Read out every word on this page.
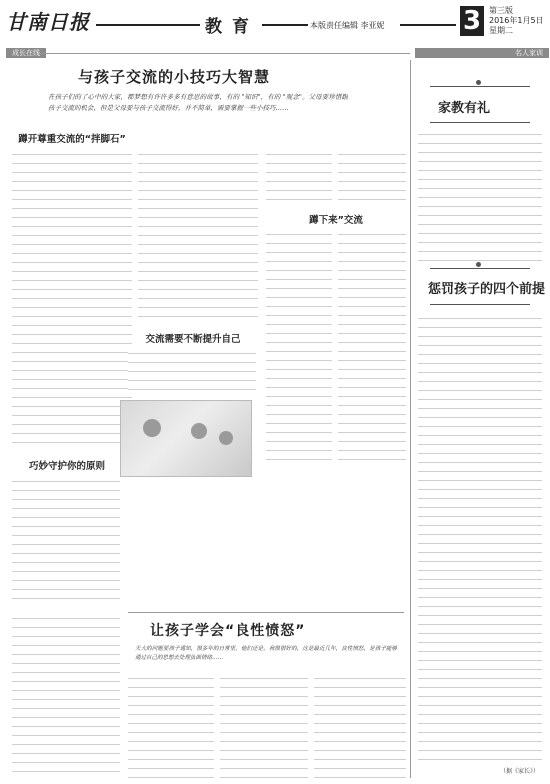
甘南日报	教育	本版责任编辑 李亚妮	3 第三版
2016年1月5日
星期二
成长在线	名人家训
与孩子交流的小技巧大智慧
在孩子们的了心中的大家，都梦想有许许多多有意思的故事，有的 "知识"，有的 "观念"。父母要珍惜跟孩子交流的机会，但是父母要与孩子交流得好，并不简单，需要掌握一些小技巧……
蹲开尊重交流的“拌脚石”
蹲下来”交流
巧妙守护你的原则
交流需要不断提升自己
让孩子学会“良性愤怒”
天大的问题要孩子通知，很多年的日常里，他们还是。我很很好的，这是最近几年，良性愤怒，是孩子能够通过自己的思想去处理负面情绪……
家教有礼
惩罚孩子的四个前提
（据《家长》）
